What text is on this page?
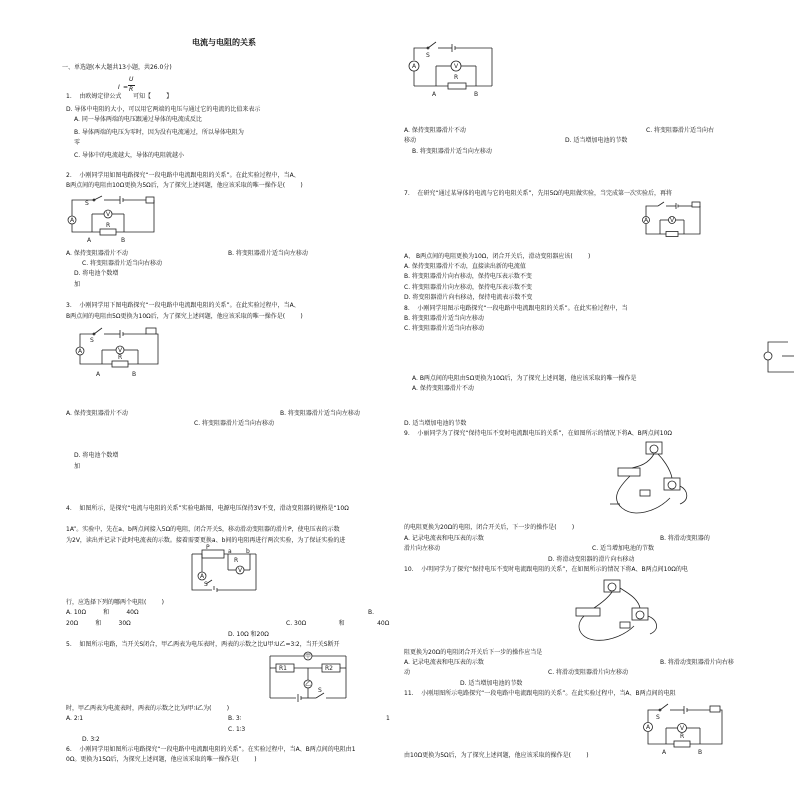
电流与电阻的关系
一、单选题(本大题共13小题，共26.0分)
1.    由欧姆定律公式 可知【        】
D. 导体中电阻的大小，可以用它两端的电压与通过它的电流的比值来表示
A. 同一导体两端的电压跟通过导体的电流成反比
B. 导体两端的电压为零时，因为没有电流通过，所以导体电阻为
零
C. 导体中的电流越大，导体的电阻就越小
2.    小刚同学用如图电路探究“一段电路中电流跟电阻的关系”。在此实验过程中，当A、
B两点间的电阻由10Ω更换为5Ω后，为了探究上述问题，他应该采取的唯一操作是(        )
A. 保持变阻器滑片不动	B. 将变阻器滑片适当向左移动
C. 将变阻器滑片适当向右移动
D. 将电池个数增
加
3.    小刚同学用下图电路探究“一段电路中电流跟电阻的关系”。在此实验过程中，当A、
B两点间的电阻由5Ω更换为10Ω后，为了探究上述问题，他应该采取的唯一操作是(        )
A. 保持变阻器滑片不动	B. 将变阻器滑片适当向左移动
C. 将变阻器滑片适当向右移动
D. 将电池个数增
加
4.    如图所示，是探究“电流与电阻的关系”实验电路图，电源电压保持3V不变，滑动变阻器的规格是“10Ω
1A”。实验中，先在a、b两点间接入5Ω的电阻，闭合开关S，移动滑动变阻器的滑片P，使电压表的示数
为2V，读出并记录下此时电流表的示数。接着需要更换a、b间的电阻再进行两次实验，为了保证实验的进
行，应选择下列的哪两个电阻(        )
A. 10Ω         和         40Ω	B.
20Ω         和         30Ω	C. 30Ω                 和                 40Ω
D. 10Ω 和20Ω
5.    如图所示电路，当开关S闭合，甲乙两表为电压表时，两表的示数之比U甲∶U乙=3∶2，当开关S断开
时，甲乙两表为电流表时，两表的示数之比为I甲∶I乙为(        )
A. 2∶1	B. 3∶	1
C. 1∶3
D. 3∶2
6.    小刚同学用如图所示电路探究“一段电路中电流跟电阻的关系”。在实验过程中，当A、B两点间的电阻由1
0Ω。更换为15Ω后，为探究上述问题，他应该采取的唯一操作是(        )
A. 保持变阻器滑片不动	C. 将变阻器滑片适当向右
移动	D. 适当增加电池的节数
B. 将变阻器滑片适当向左移动
7.    在研究“通过某导体的电流与它的电阻关系”，先用5Ω的电阻做实验，当完成第一次实验后，再将
A、 B两点间的电阻更换为10Ω，闭合开关后，滑动变阻器应该(        )
A. 保持变阻器滑片不动，直接读出新的电流值
B. 将变阻器滑片向右移动，保持电压表示数不变
C. 将变阻器滑片向左移动，保持电压表示数不变
D. 将变阻器滑片向右移动，保持电流表示数不变
8.    小刚同学用图示电路探究“一段电路中电流跟电阻的关系”。在此实验过程中，当
B. 将变阻器滑片适当向左移动
C. 将变阻器滑片适当向右移动
A. B两点间的电阻由5Ω更换为10Ω后，为了探究上述问题，他应该采取的唯一操作是
A. 保持变阻器滑片不动
D. 适当增加电池的节数
9.    小丽同学为了探究“保持电压不变时电流跟电压的关系”，在如图所示的情况下将A、B两点间10Ω
的电阻更换为20Ω的电阻，闭合开关后，下一步的操作是(        )
A. 记录电流表和电压表的示数	B. 将滑动变阻器的
滑片向左移动	C. 适当增加电池的节数
D. 将滑动变阻器的滑片向右移动
10.    小明同学为了探究“保持电压不变时电流跟电阻的关系”，在如图所示的情况下将A、B两点间10Ω的电
阻更换为20Ω的电阻闭合开关后下一步的操作应当是
A. 记录电流表和电压表的示数	B. 将滑动变阻器滑片向右移
动	C. 将滑动变阻器滑片向左移动
D. 适当增加电池的节数
11.    小刚用图所示电路探究“一段电路中电流跟电阻的关系”。在此实验过程中，当A、B两点间的电阻
由10Ω更换为5Ω后，为了探究上述问题，他应该采取的操作是(        )
I =
U
R
A
V
S
R
A	B
A	V
S
R
A	B
A
V
P
a b
S
R
甲
R1	R2
乙
S
A	V
S
R
A	B
A	V
A	V
S
R
A	B
